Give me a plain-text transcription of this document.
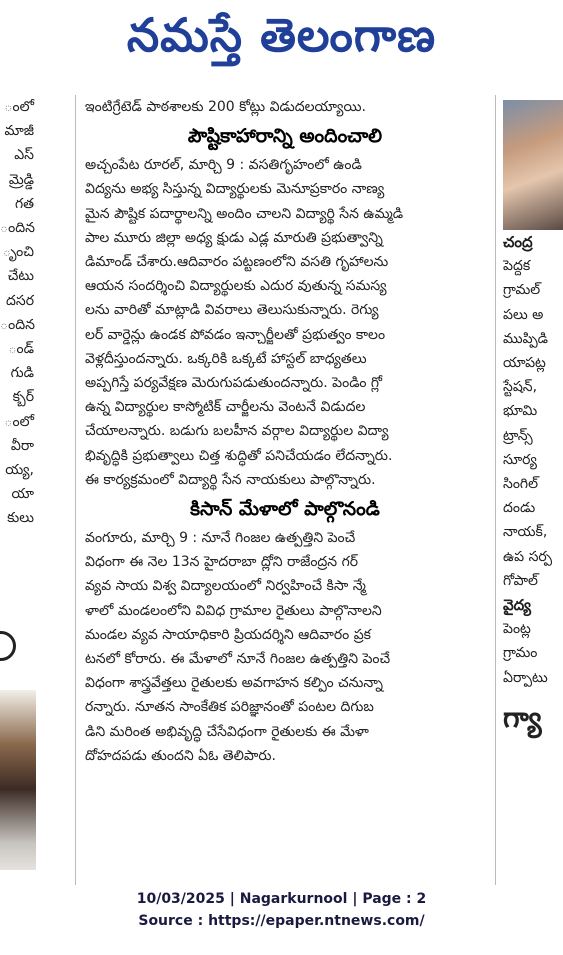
నమస్తే తెలంగాణ
ంలో
మాజీ
ఎస్
మ్రెడ్డి
గత
ందిన
ృంచి
చేటు
దసర
ందిన
ండ్
గుడి
క్బర్
ంలో
వీరా
య్య,
యా
కులు
ఇంటిగ్రేటెడ్ పాఠశాలకు 200 కోట్లు విడుదలయ్యాయి.
పౌష్టికాహారాన్ని అందించాలి
అచ్చంపేట రూరల్, మార్చి 9 : వసతిగృహంలో ఉండి
విద్యను అభ్య సిస్తున్న విద్యార్థులకు మెనూప్రకారం నాణ్య
మైన పౌష్టిక పదార్థాలన్ని అందిం చాలని విద్యార్థి సేన ఉమ్మడి
పాల మూరు జిల్లా అధ్య క్షుడు ఎడ్ల మారుతి ప్రభుత్వాన్ని
డిమాండ్ చేశారు.ఆదివారం పట్టణంలోని వసతి గృహాలను
ఆయన సందర్శించి విద్యార్థులకు ఎదుర వుతున్న సమస్య
లను వారితో మాట్లాడి వివరాలు తెలుసుకున్నారు. రెగ్యు
లర్ వార్డెన్లు ఉండక పోవడం ఇన్చార్జీలతో ప్రభుత్వం కాలం
వెళ్లదీస్తుందన్నారు. ఒక్కరికి ఒక్కటే హాస్టల్ బాధ్యతలు
అప్పగిస్తే పర్యవేక్షణ మెరుగుపడుతుందన్నారు. పెండిం గ్లో
ఉన్న విద్యార్థుల కాస్మోటిక్ చార్జీలను వెంటనే విడుదల
చేయాలన్నారు. బడుగు బలహీన వర్గాల విద్యార్థుల విద్యా
భివృద్ధికి ప్రభుత్వాలు చిత్త శుద్ధితో పనిచేయడం లేదన్నారు.
ఈ కార్యక్రమంలో విద్యార్థి సేన నాయకులు పాల్గొన్నారు.
కిసాన్ మేళాలో పాల్గొనండి
వంగూరు, మార్చి 9 : నూనే గింజల ఉత్పత్తిని పెంచే
విధంగా ఈ నెల 13న హైదరాబా ద్లోని రాజేంద్రన గర్
వ్యవ సాయ విశ్వ విద్యాలయంలో నిర్వహించే కిసా న్మే
ళాలో మండలంలోని వివిధ గ్రామాల రైతులు పాల్గొనాలని
మండల వ్యవ సాయాధికారి ప్రియదర్శిని ఆదివారం ప్రక
టనలో కోరారు. ఈ మేళాలో నూనే గింజల ఉత్పత్తిని పెంచే
విధంగా శాస్త్రవేత్తలు రైతులకు అవగాహన కల్పిం చనున్నా
రన్నారు. నూతన సాంకేతిక పరిజ్ఞానంతో పంటల దిగుబ
డిని మరింత అభివృద్ధి చేసేవిధంగా రైతులకు ఈ మేళా
దోహదపడు తుందని ఏఓ తెలిపారు.
చంద్ర
పెద్దక
గ్రామల్
పలు అ
ముప్పిడి
యాపట్ల
స్టేషన్,
భూమి
ట్రాన్స్
సూర్య
సింగిల్
దండు
నాయక్,
ఉప సర్ప
గోపాల్
వైద్య
పెంట్ల
గ్రామం
ఏర్పాటు
గ్యా
10/03/2025 | Nagarkurnool | Page : 2
Source : https://epaper.ntnews.com/
